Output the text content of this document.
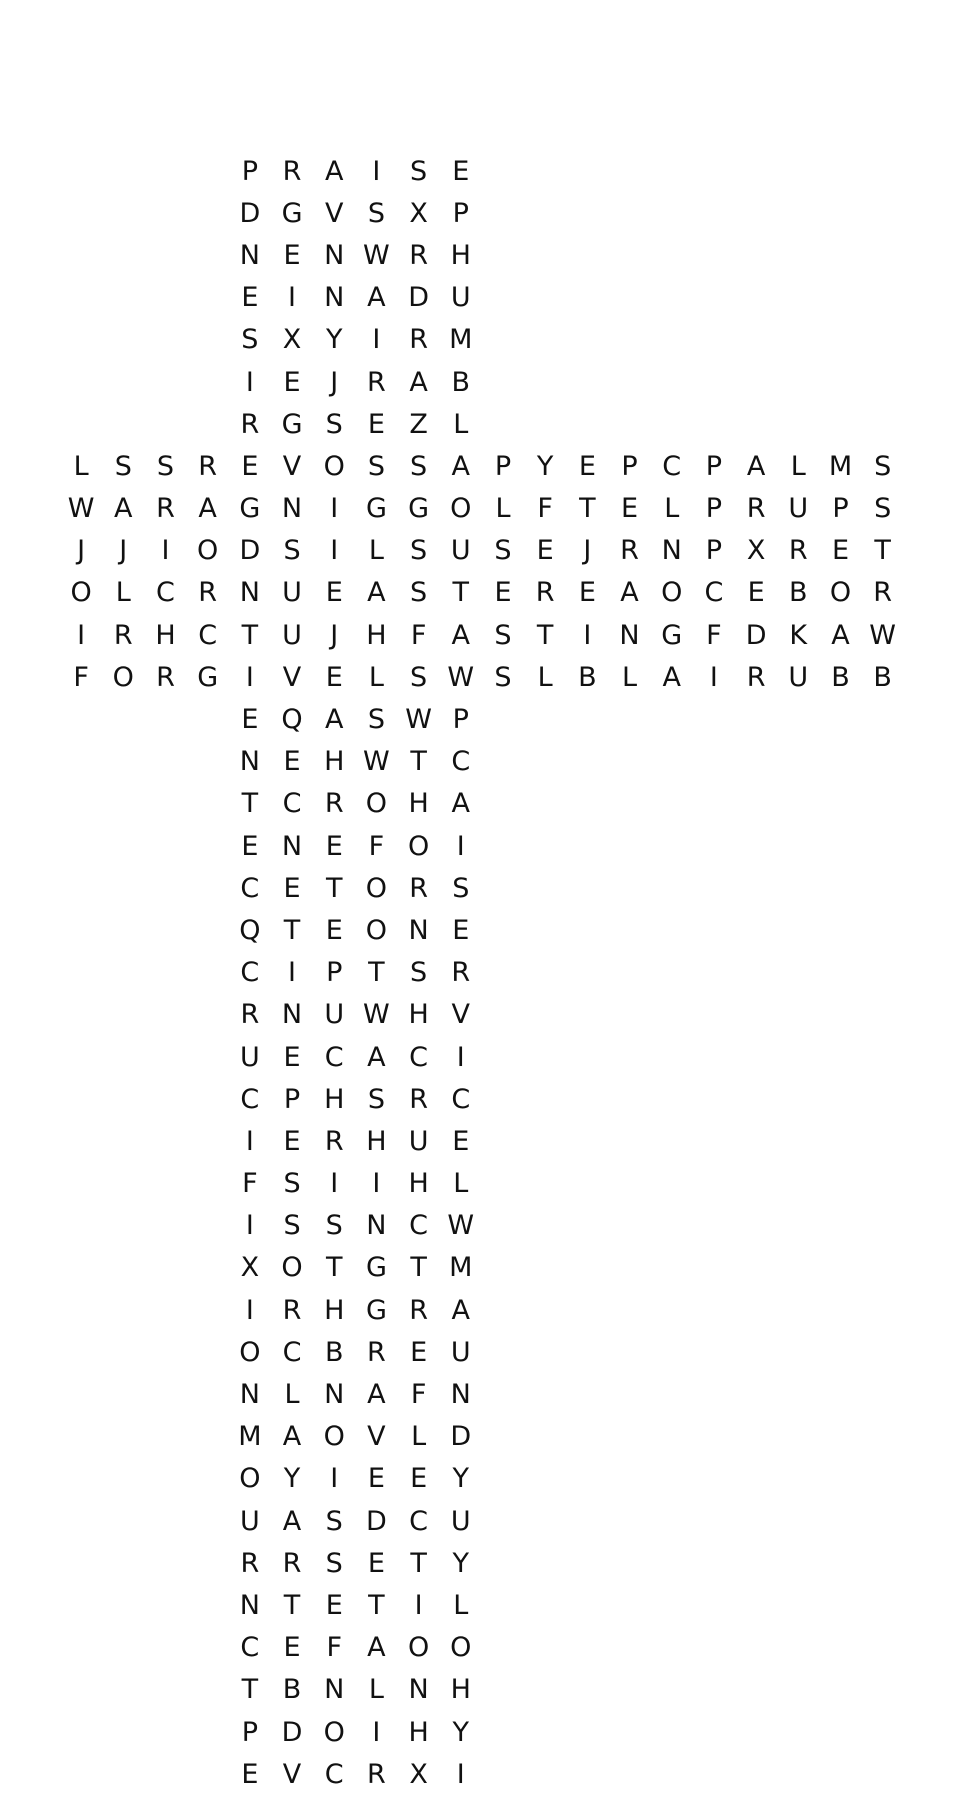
P R A	I	S E
D G V S X P
N E N W R H
E	I	N A D U
S X Y	I	R M
I	E	J	R A B
R G S E Z L
L S S R E V O S S A P Y E P C P A L M S
W A R A G N	I	G G O L F T E L P R U P S
J	J	I	O D S	I	L S U S E	J	R N P X R E T
O L C R N U E A S T E R E A O C E B O R
I	R H C T U	J	H F A S T	I	N G F D K A W
F O R G	I	V E L S W S L B L A	I	R U B B
E Q A S W P
N E H W T C
T C R O H A
E N E F O	I
C E T O R S
Q T E O N E
C	I	P T S R
R N U W H V
U E C A C	I
C P H S R C
I	E R H U E
F S	I	I	H L
I	S S N C W
X O T G T M
I	R H G R A
O C B R E U
N L N A F N
M A O V L D
O Y	I	E E Y
U A S D C U
R R S E T Y
N T E T	I	L
C E F A O O
T B N L N H
P D O	I	H Y
E V C R X	I
